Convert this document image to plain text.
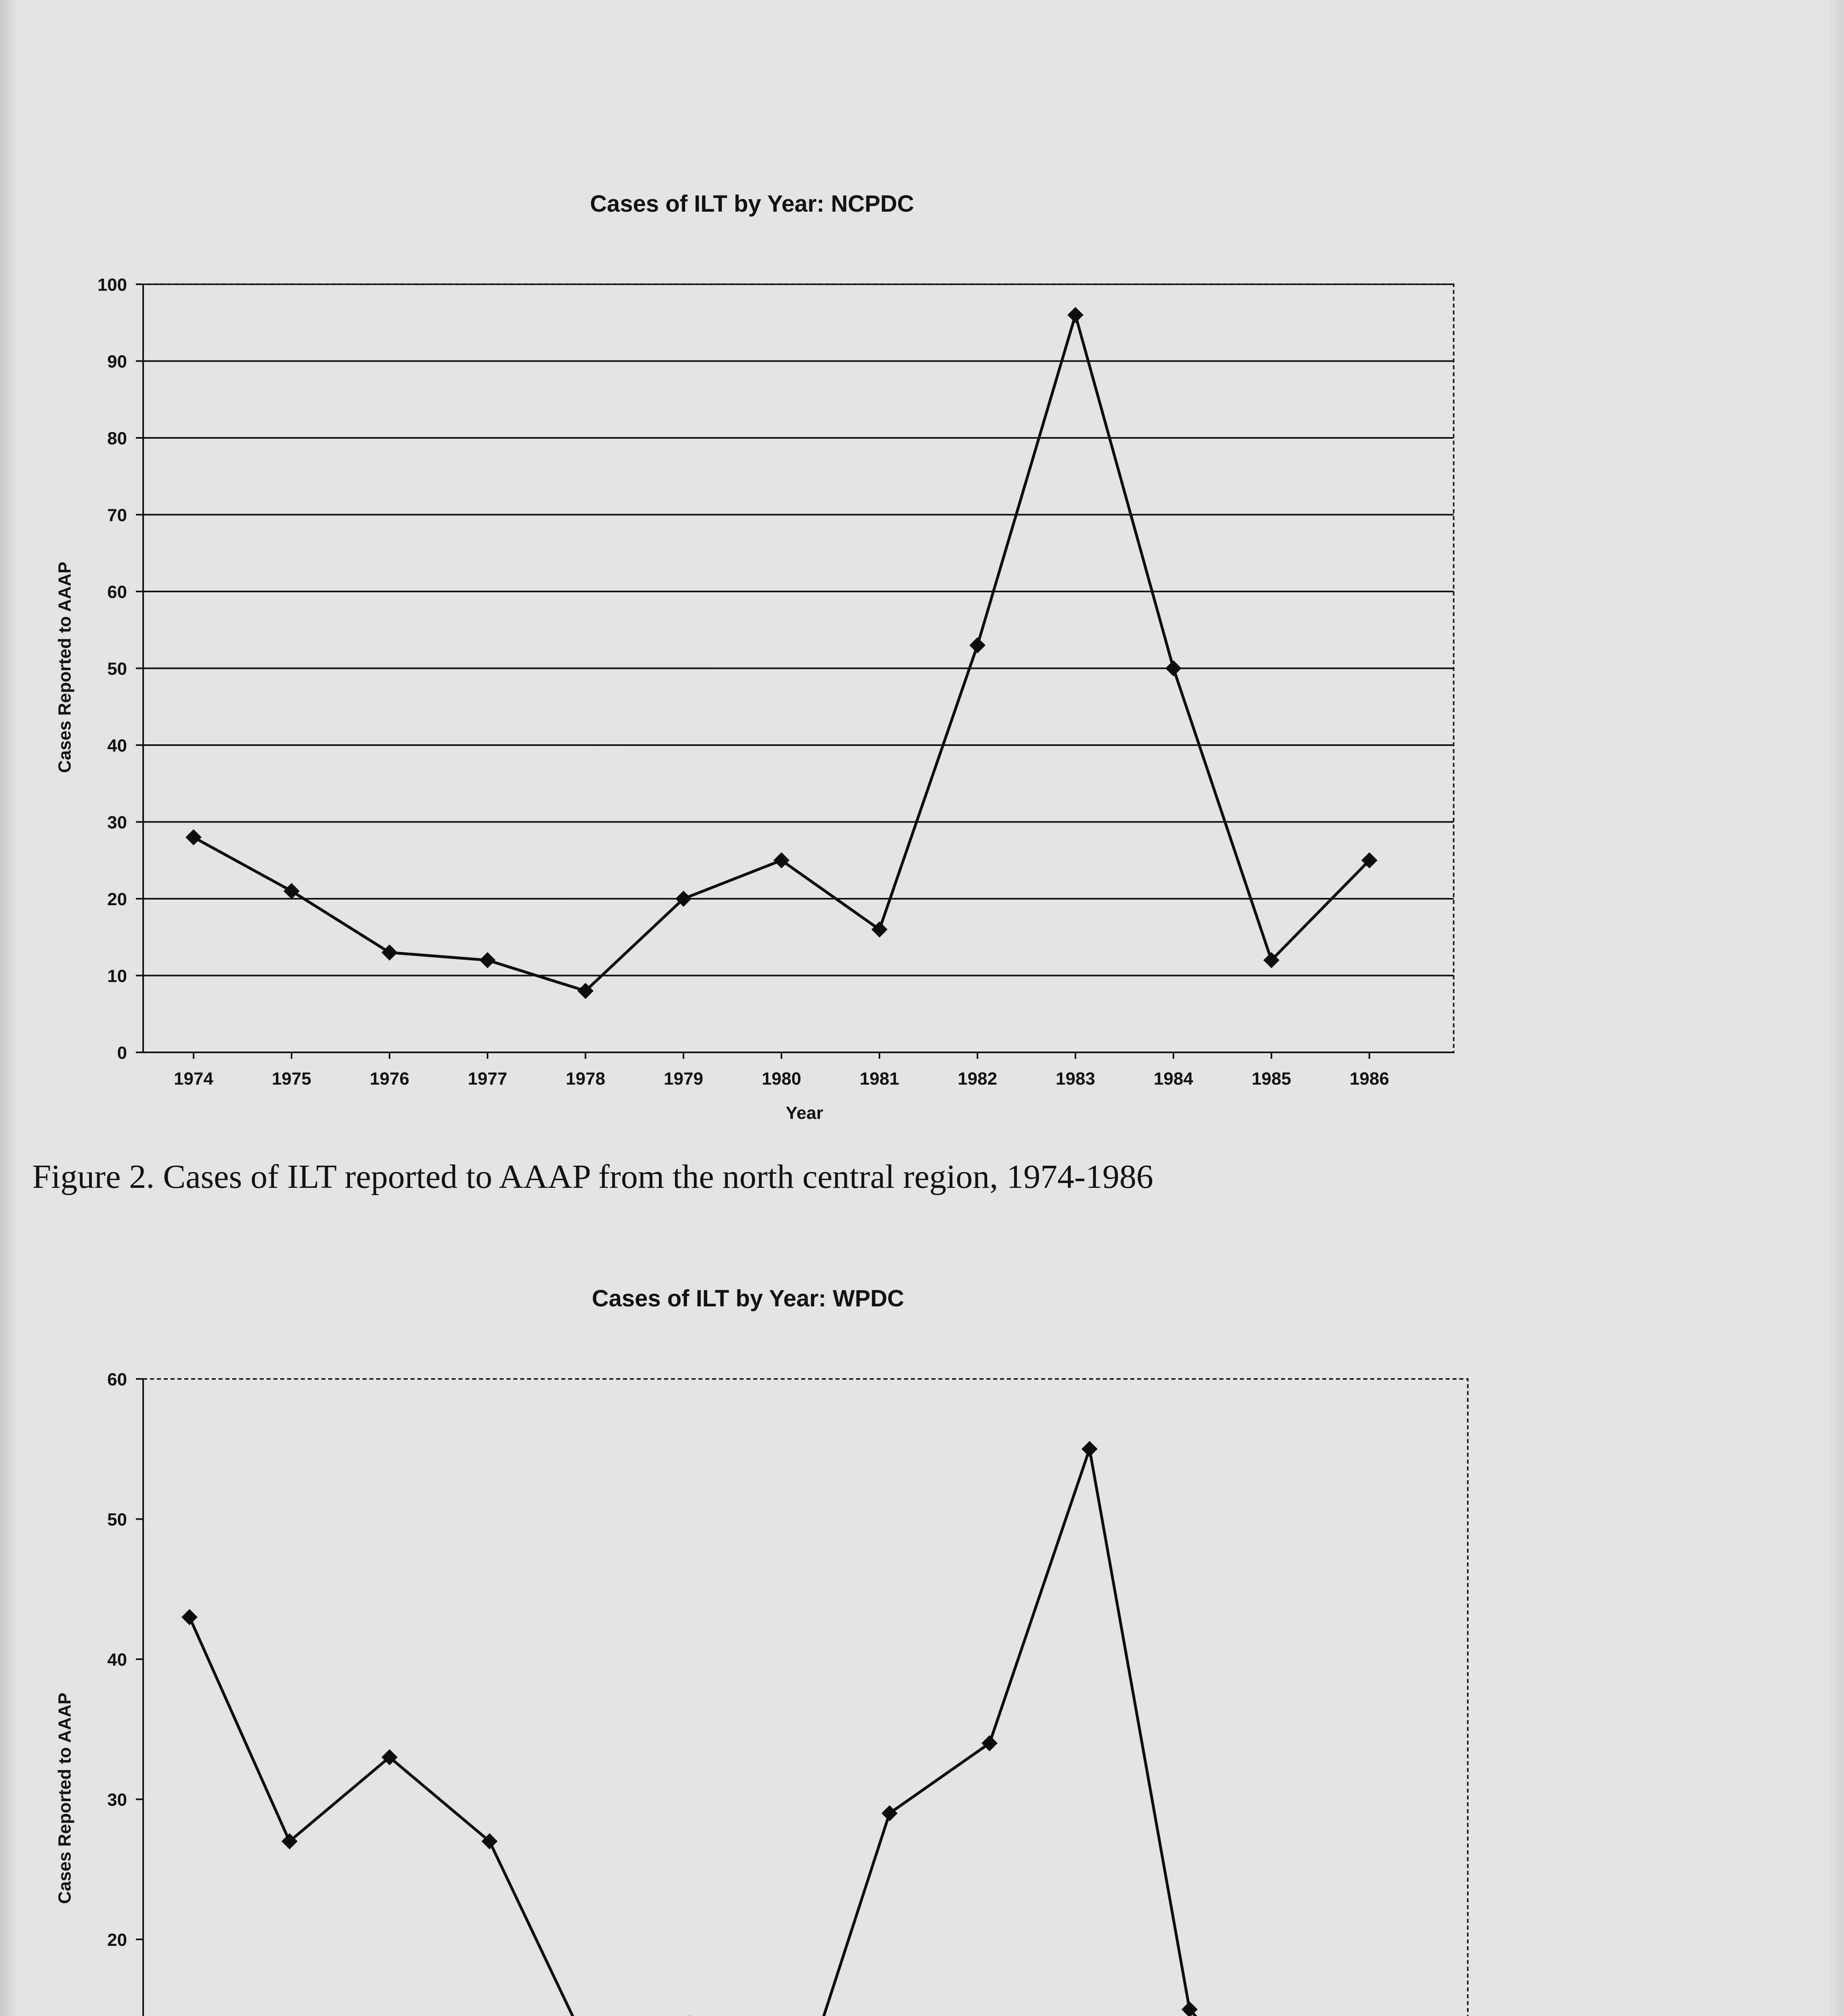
0
10
20
30
40
50
60
70
80
90
100
1974	1975	1976	1977	1978	1979	1980	1981	1982	1983	1984	1985	1986
Cases of ILT by Year: NCPDC
Year
Cases Reported to AAAP
Figure 2. Cases of ILT reported to AAAP from the north central region, 1974-1986
20
30
40
50
60
Cases of ILT by Year: WPDC
Cases Reported to AAAP
